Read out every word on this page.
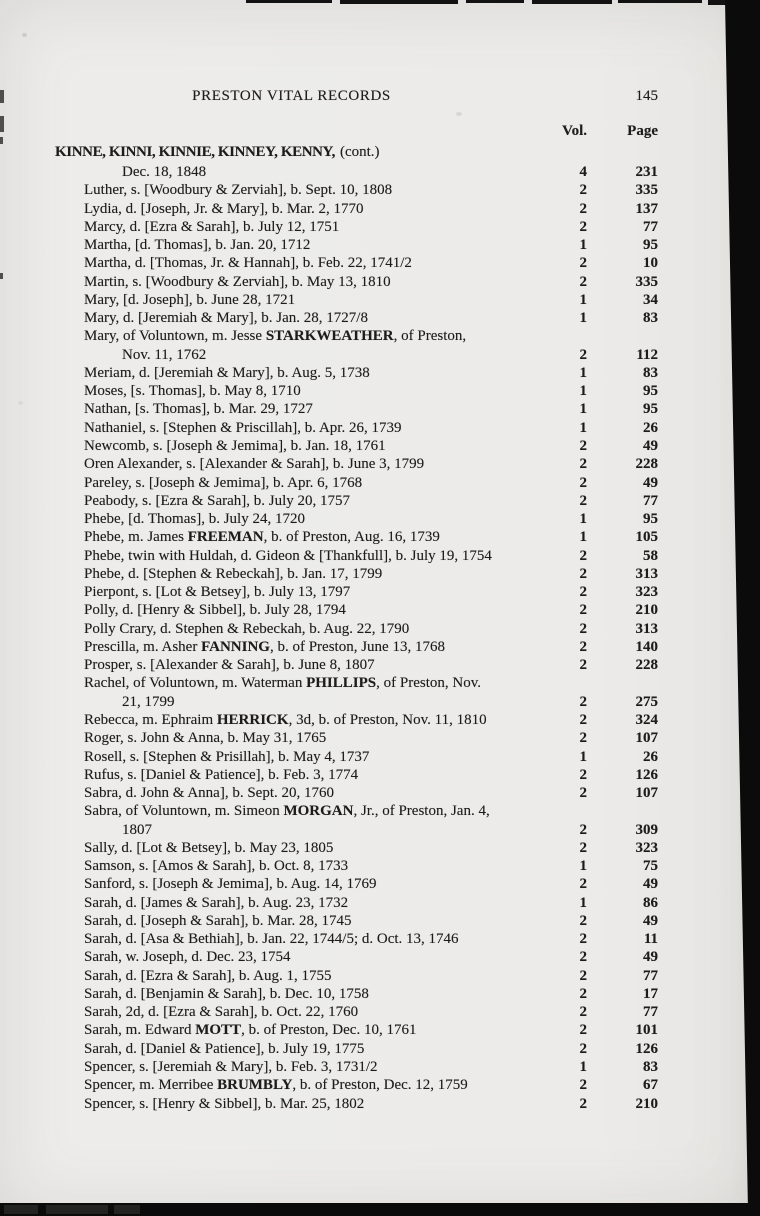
PRESTON VITAL RECORDS	145
Vol.	Page
KINNE, KINNI, KINNIE, KINNEY, KENNY, (cont.)
Dec. 18, 1848	4	231
Luther, s. [Woodbury & Zerviah], b. Sept. 10, 1808	2	335
Lydia, d. [Joseph, Jr. & Mary], b. Mar. 2, 1770	2	137
Marcy, d. [Ezra & Sarah], b. July 12, 1751	2	77
Martha, [d. Thomas], b. Jan. 20, 1712	1	95
Martha, d. [Thomas, Jr. & Hannah], b. Feb. 22, 1741/2	2	10
Martin, s. [Woodbury & Zerviah], b. May 13, 1810	2	335
Mary, [d. Joseph], b. June 28, 1721	1	34
Mary, d. [Jeremiah & Mary], b. Jan. 28, 1727/8	1	83
Mary, of Voluntown, m. Jesse STARKWEATHER, of Preston,
Nov. 11, 1762	2	112
Meriam, d. [Jeremiah & Mary], b. Aug. 5, 1738	1	83
Moses, [s. Thomas], b. May 8, 1710	1	95
Nathan, [s. Thomas], b. Mar. 29, 1727	1	95
Nathaniel, s. [Stephen & Priscillah], b. Apr. 26, 1739	1	26
Newcomb, s. [Joseph & Jemima], b. Jan. 18, 1761	2	49
Oren Alexander, s. [Alexander & Sarah], b. June 3, 1799	2	228
Pareley, s. [Joseph & Jemima], b. Apr. 6, 1768	2	49
Peabody, s. [Ezra & Sarah], b. July 20, 1757	2	77
Phebe, [d. Thomas], b. July 24, 1720	1	95
Phebe, m. James FREEMAN, b. of Preston, Aug. 16, 1739	1	105
Phebe, twin with Huldah, d. Gideon & [Thankfull], b. July 19, 1754	2	58
Phebe, d. [Stephen & Rebeckah], b. Jan. 17, 1799	2	313
Pierpont, s. [Lot & Betsey], b. July 13, 1797	2	323
Polly, d. [Henry & Sibbel], b. July 28, 1794	2	210
Polly Crary, d. Stephen & Rebeckah, b. Aug. 22, 1790	2	313
Prescilla, m. Asher FANNING, b. of Preston, June 13, 1768	2	140
Prosper, s. [Alexander & Sarah], b. June 8, 1807	2	228
Rachel, of Voluntown, m. Waterman PHILLIPS, of Preston, Nov.
21, 1799	2	275
Rebecca, m. Ephraim HERRICK, 3d, b. of Preston, Nov. 11, 1810	2	324
Roger, s. John & Anna, b. May 31, 1765	2	107
Rosell, s. [Stephen & Prisillah], b. May 4, 1737	1	26
Rufus, s. [Daniel & Patience], b. Feb. 3, 1774	2	126
Sabra, d. John & Anna], b. Sept. 20, 1760	2	107
Sabra, of Voluntown, m. Simeon MORGAN, Jr., of Preston, Jan. 4,
1807	2	309
Sally, d. [Lot & Betsey], b. May 23, 1805	2	323
Samson, s. [Amos & Sarah], b. Oct. 8, 1733	1	75
Sanford, s. [Joseph & Jemima], b. Aug. 14, 1769	2	49
Sarah, d. [James & Sarah], b. Aug. 23, 1732	1	86
Sarah, d. [Joseph & Sarah], b. Mar. 28, 1745	2	49
Sarah, d. [Asa & Bethiah], b. Jan. 22, 1744/5; d. Oct. 13, 1746	2	11
Sarah, w. Joseph, d. Dec. 23, 1754	2	49
Sarah, d. [Ezra & Sarah], b. Aug. 1, 1755	2	77
Sarah, d. [Benjamin & Sarah], b. Dec. 10, 1758	2	17
Sarah, 2d, d. [Ezra & Sarah], b. Oct. 22, 1760	2	77
Sarah, m. Edward MOTT, b. of Preston, Dec. 10, 1761	2	101
Sarah, d. [Daniel & Patience], b. July 19, 1775	2	126
Spencer, s. [Jeremiah & Mary], b. Feb. 3, 1731/2	1	83
Spencer, m. Merribee BRUMBLY, b. of Preston, Dec. 12, 1759	2	67
Spencer, s. [Henry & Sibbel], b. Mar. 25, 1802	2	210
